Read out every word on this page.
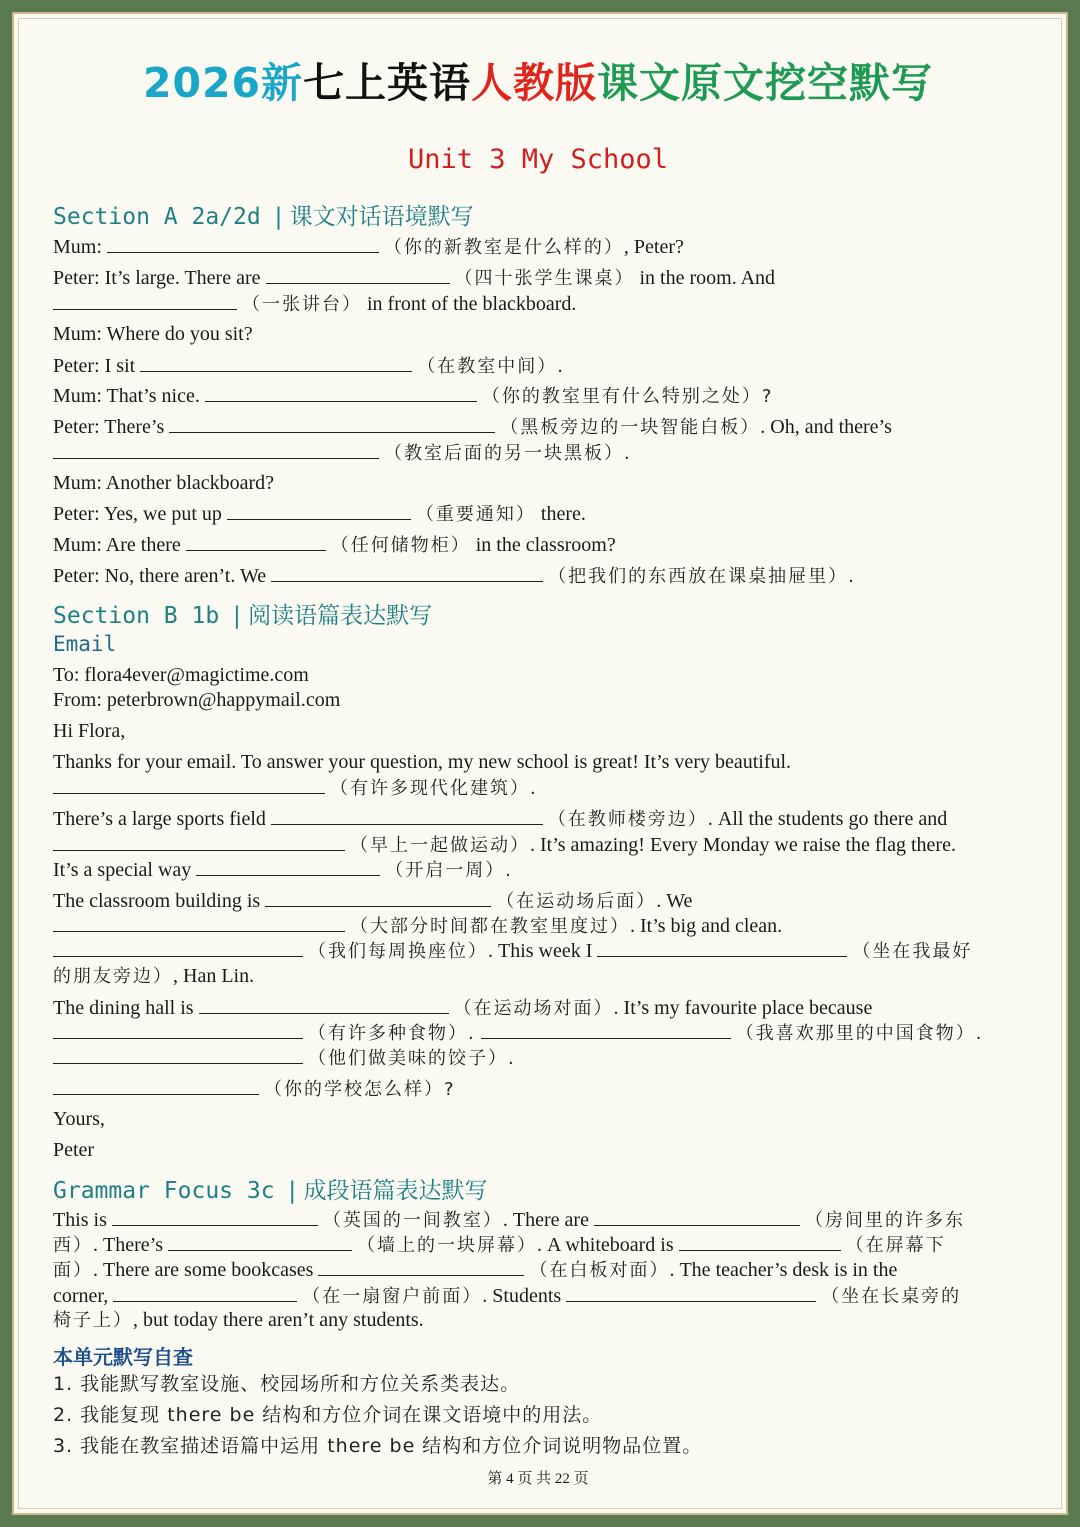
2026新七上英语人教版课文原文挖空默写
Unit 3 My School
Section A 2a/2d | 课文对话语境默写
Mum:	（你的新教室是什么样的）, Peter?
Peter: It’s large. There are	（四十张学生课桌） in the room. And
（一张讲台） in front of the blackboard.
Mum: Where do you sit?
Peter: I sit	（在教室中间）.
Mum: That’s nice.	（你的教室里有什么特别之处）?
Peter: There’s	（黑板旁边的一块智能白板）. Oh, and there’s
（教室后面的另一块黑板）.
Mum: Another blackboard?
Peter: Yes, we put up	（重要通知） there.
Mum: Are there	（任何储物柜） in the classroom?
Peter: No, there aren’t. We	（把我们的东西放在课桌抽屉里）.
Section B 1b | 阅读语篇表达默写
Email
To: flora4ever@magictime.com
From: peterbrown@happymail.com
Hi Flora,
Thanks for your email. To answer your question, my new school is great! It’s very beautiful.
（有许多现代化建筑）.
There’s a large sports field	（在教师楼旁边）. All the students go there and
（早上一起做运动）. It’s amazing! Every Monday we raise the flag there.
It’s a special way	（开启一周）.
The classroom building is	（在运动场后面）. We
（大部分时间都在教室里度过）. It’s big and clean.
（我们每周换座位）. This week I	（坐在我最好
的朋友旁边）, Han Lin.
The dining hall is	（在运动场对面）. It’s my favourite place because
（有许多种食物）.	（我喜欢那里的中国食物）.
（他们做美味的饺子）.
（你的学校怎么样）?
Yours,
Peter
Grammar Focus 3c | 成段语篇表达默写
This is	（英国的一间教室）. There are	（房间里的许多东
西）. There’s	（墙上的一块屏幕）. A whiteboard is	（在屏幕下
面）. There are some bookcases	（在白板对面）. The teacher’s desk is in the
corner,	（在一扇窗户前面）. Students	（坐在长桌旁的
椅子上）, but today there aren’t any students.
本单元默写自查
1. 我能默写教室设施、校园场所和方位关系类表达。
2. 我能复现 there be 结构和方位介词在课文语境中的用法。
3. 我能在教室描述语篇中运用 there be 结构和方位介词说明物品位置。
第 4 页 共 22 页
